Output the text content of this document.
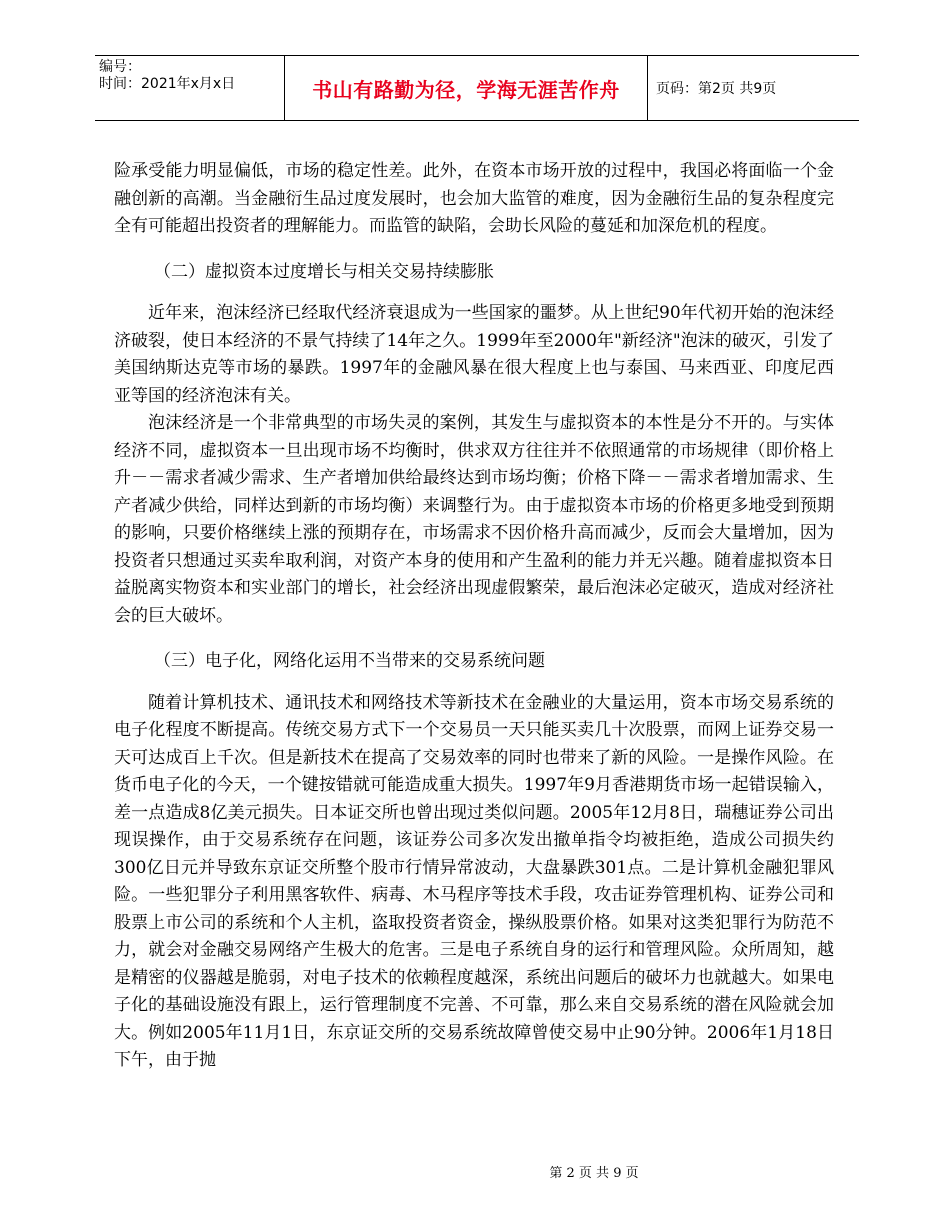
编号：
时间：2021年x月x日	书山有路勤为径，学海无涯苦作舟	页码：第2页 共9页

险承受能力明显偏低，市场的稳定性差。此外，在资本市场开放的过程中，我国必将面临一个金融创新的高潮。当金融衍生品过度发展时，也会加大监管的难度，因为金融衍生品的复杂程度完全有可能超出投资者的理解能力。而监管的缺陷，会助长风险的蔓延和加深危机的程度。

（二）虚拟资本过度增长与相关交易持续膨胀

近年来，泡沫经济已经取代经济衰退成为一些国家的噩梦。从上世纪90年代初开始的泡沫经济破裂，使日本经济的不景气持续了14年之久。1999年至2000年"新经济"泡沫的破灭，引发了美国纳斯达克等市场的暴跌。1997年的金融风暴在很大程度上也与泰国、马来西亚、印度尼西亚等国的经济泡沫有关。

泡沫经济是一个非常典型的市场失灵的案例，其发生与虚拟资本的本性是分不开的。与实体经济不同，虚拟资本一旦出现市场不均衡时，供求双方往往并不依照通常的市场规律（即价格上升－－需求者减少需求、生产者增加供给最终达到市场均衡；价格下降－－需求者增加需求、生产者减少供给，同样达到新的市场均衡）来调整行为。由于虚拟资本市场的价格更多地受到预期的影响，只要价格继续上涨的预期存在，市场需求不因价格升高而减少，反而会大量增加，因为投资者只想通过买卖牟取利润，对资产本身的使用和产生盈利的能力并无兴趣。随着虚拟资本日益脱离实物资本和实业部门的增长，社会经济出现虚假繁荣，最后泡沫必定破灭，造成对经济社会的巨大破坏。

（三）电子化，网络化运用不当带来的交易系统问题

随着计算机技术、通讯技术和网络技术等新技术在金融业的大量运用，资本市场交易系统的电子化程度不断提高。传统交易方式下一个交易员一天只能买卖几十次股票，而网上证券交易一天可达成百上千次。但是新技术在提高了交易效率的同时也带来了新的风险。一是操作风险。在货币电子化的今天，一个键按错就可能造成重大损失。1997年9月香港期货市场一起错误输入，差一点造成8亿美元损失。日本证交所也曾出现过类似问题。2005年12月8日，瑞穗证券公司出现误操作，由于交易系统存在问题，该证券公司多次发出撤单指令均被拒绝，造成公司损失约300亿日元并导致东京证交所整个股市行情异常波动，大盘暴跌301点。二是计算机金融犯罪风险。一些犯罪分子利用黑客软件、病毒、木马程序等技术手段，攻击证券管理机构、证券公司和股票上市公司的系统和个人主机，盗取投资者资金，操纵股票价格。如果对这类犯罪行为防范不力，就会对金融交易网络产生极大的危害。三是电子系统自身的运行和管理风险。众所周知，越是精密的仪器越是脆弱，对电子技术的依赖程度越深，系统出问题后的破坏力也就越大。如果电子化的基础设施没有跟上，运行管理制度不完善、不可靠，那么来自交易系统的潜在风险就会加大。例如2005年11月1日，东京证交所的交易系统故障曾使交易中止90分钟。2006年1月18日下午，由于抛

第 2 页 共 9 页
